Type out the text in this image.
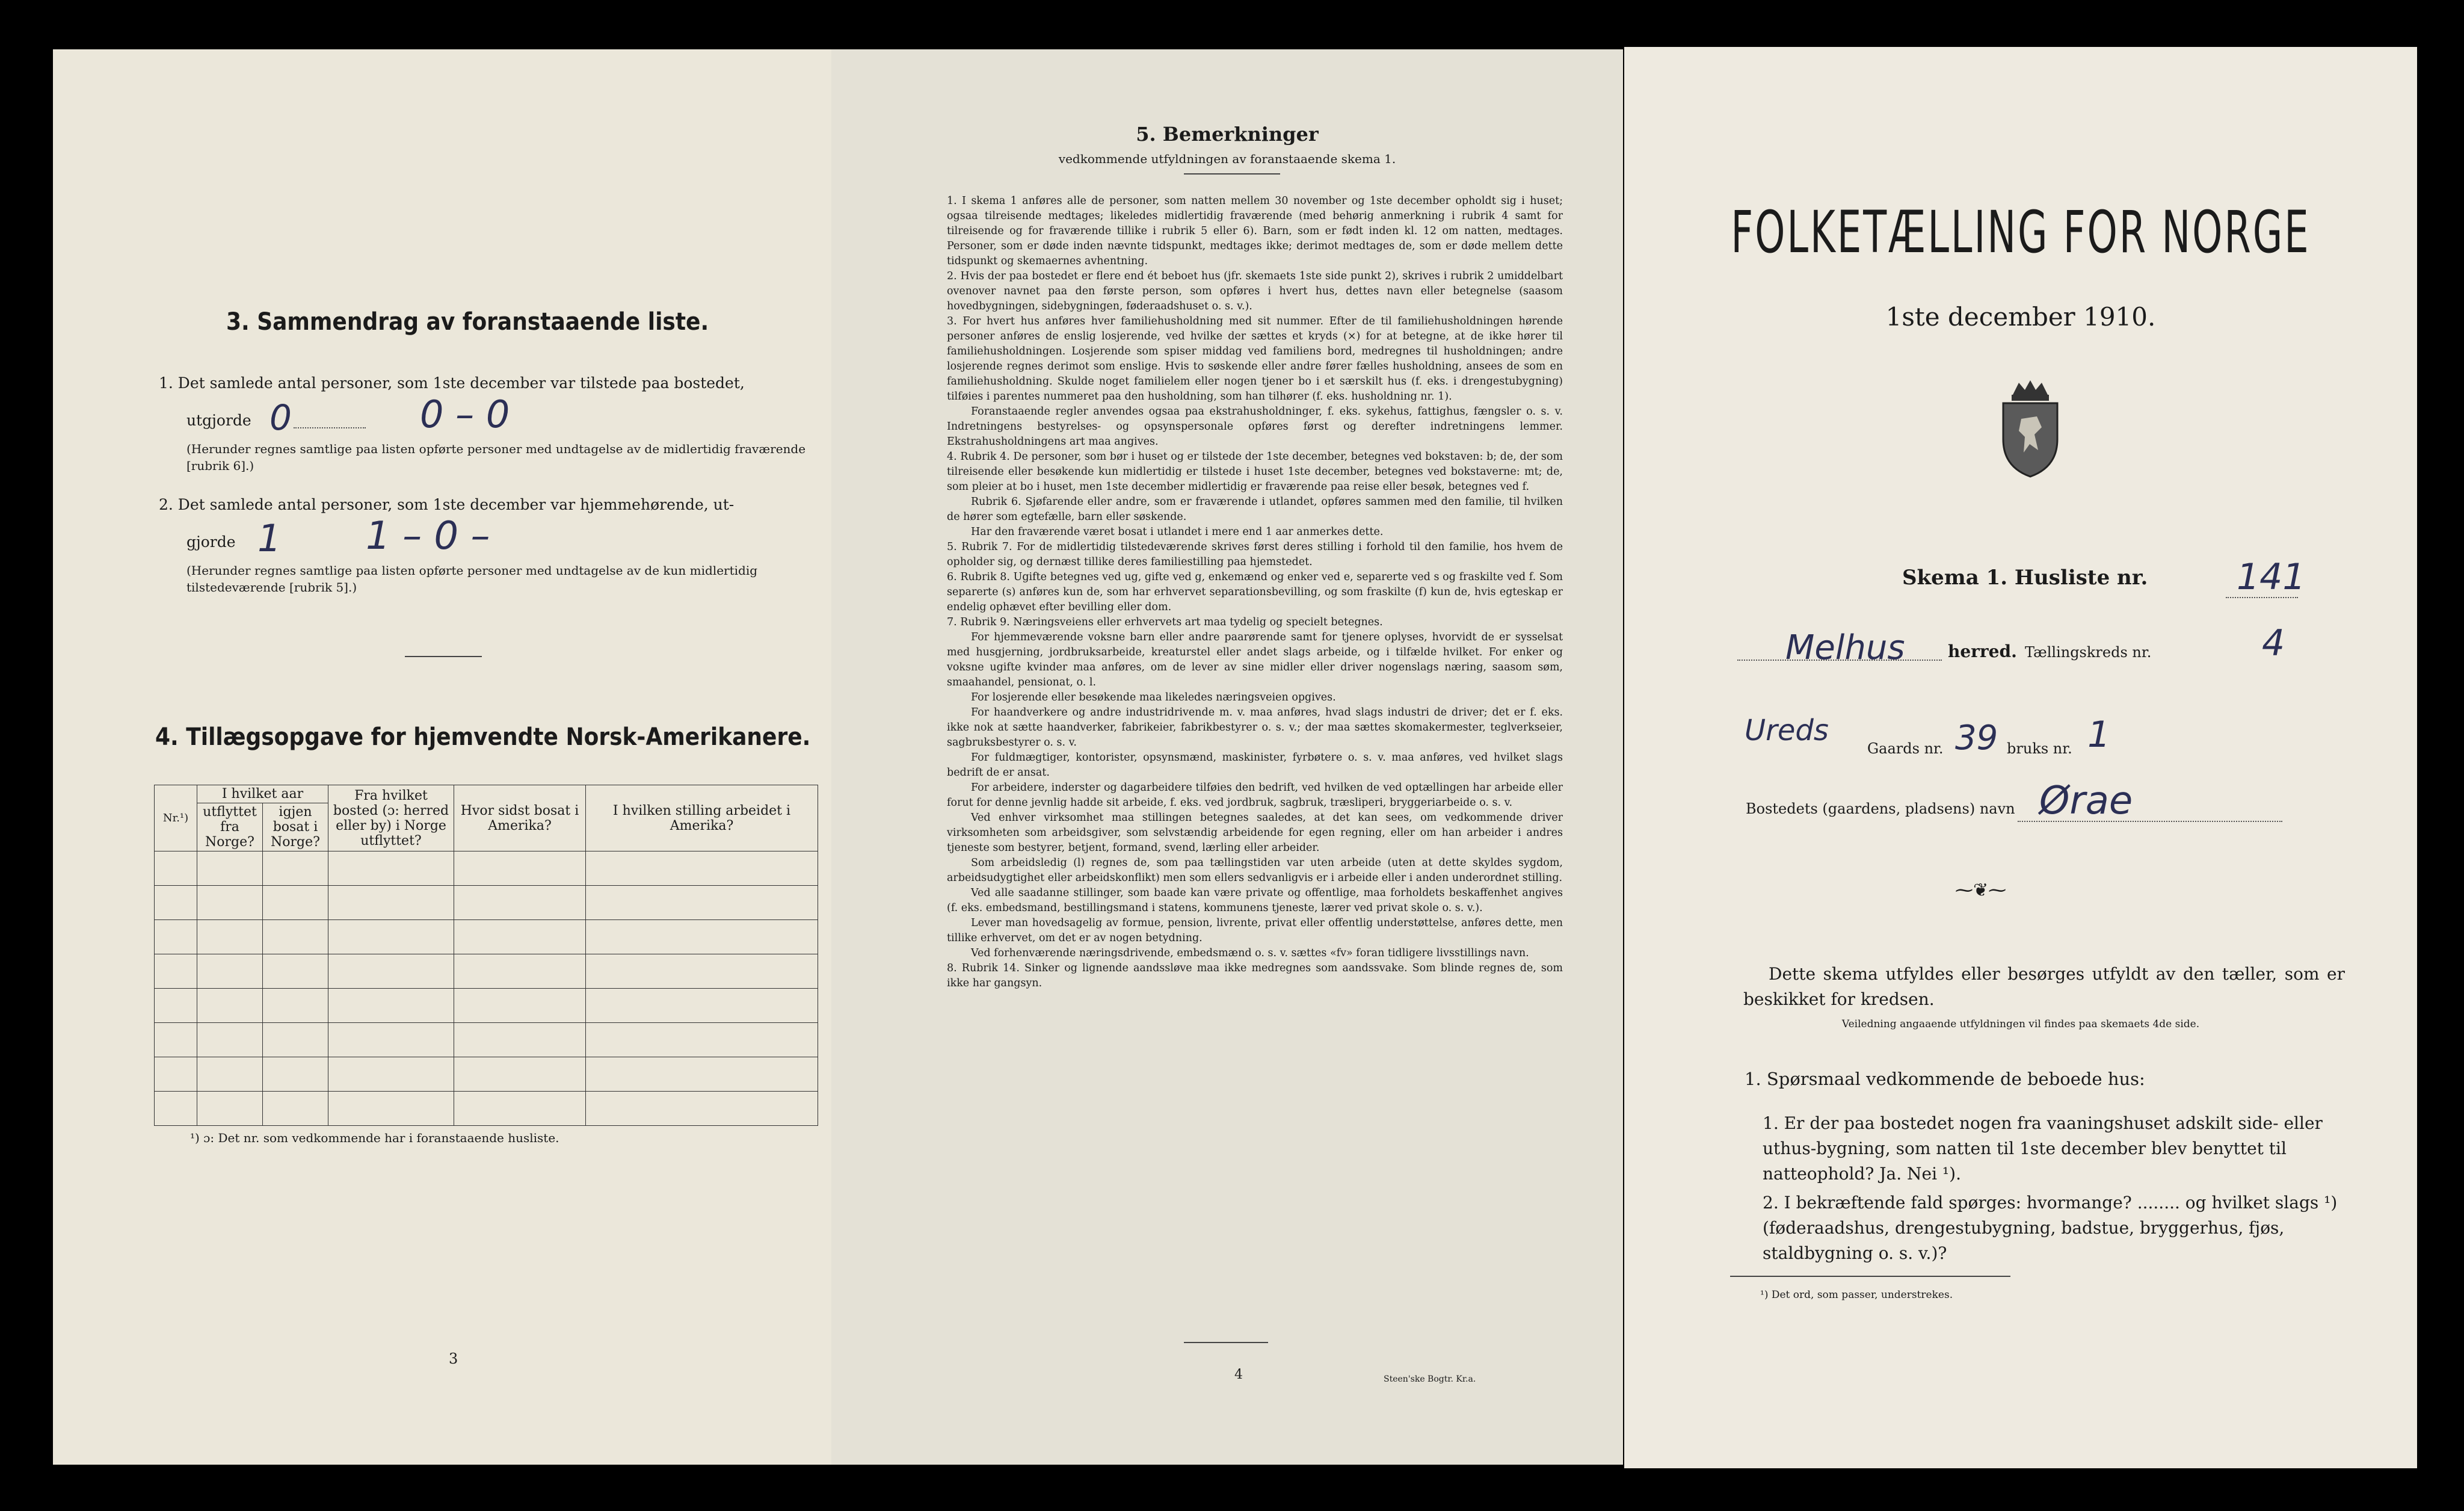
3. Sammendrag av foranstaaende liste.
1. Det samlede antal personer, som 1ste december var tilstede paa bostedet,
utgjorde 0	0 – 0
(Herunder regnes samtlige paa listen opførte personer med undtagelse av de midlertidig fraværende [rubrik 6].)
2. Det samlede antal personer, som 1ste december var hjemmehørende, ut-
gjorde 1 1 – 0 –
(Herunder regnes samtlige paa listen opførte personer med undtagelse av de kun midlertidig tilstedeværende [rubrik 5].)
4. Tillægsopgave for hjemvendte Norsk-Amerikanere.
Nr.¹)	I hvilket aar		Fra hvilket bosted (ɔ: herred eller by) i Norge utflyttet?	Hvor sidst bosat i Amerika?	I hvilken stilling arbeidet i Amerika?
	utflyttet fra Norge?	igjen bosat i Norge?			

¹) ɔ: Det nr. som vedkommende har i foranstaaende husliste.
3
5. Bemerkninger
vedkommende utfyldningen av foranstaaende skema 1.

1. I skema 1 anføres alle de personer, som natten mellem 30 november og 1ste december opholdt sig i huset; ogsaa tilreisende medtages; likeledes midlertidig fraværende (med behørig anmerkning i rubrik 4 samt for tilreisende og for fraværende tillike i rubrik 5 eller 6). Barn, som er født inden kl. 12 om natten, medtages. Personer, som er døde inden nævnte tidspunkt, medtages ikke; derimot medtages de, som er døde mellem dette tidspunkt og skemaernes avhentning.

2. Hvis der paa bostedet er flere end ét beboet hus (jfr. skemaets 1ste side punkt 2), skrives i rubrik 2 umiddelbart ovenover navnet paa den første person, som opføres i hvert hus, dettes navn eller betegnelse (saasom hovedbygningen, sidebygningen, føderaadshuset o. s. v.).

3. For hvert hus anføres hver familiehusholdning med sit nummer. Efter de til familiehusholdningen hørende personer anføres de enslig losjerende, ved hvilke der sættes et kryds (×) for at betegne, at de ikke hører til familiehusholdningen. Losjerende som spiser middag ved familiens bord, medregnes til husholdningen; andre losjerende regnes derimot som enslige. Hvis to søskende eller andre fører fælles husholdning, ansees de som en familiehusholdning. Skulde noget familielem eller nogen tjener bo i et særskilt hus (f. eks. i drengestubygning) tilføies i parentes nummeret paa den husholdning, som han tilhører (f. eks. husholdning nr. 1).

Foranstaaende regler anvendes ogsaa paa ekstrahusholdninger, f. eks. sykehus, fattighus, fængsler o. s. v. Indretningens bestyrelses- og opsynspersonale opføres først og derefter indretningens lemmer. Ekstrahusholdningens art maa angives.

4. Rubrik 4. De personer, som bør i huset og er tilstede der 1ste december, betegnes ved bokstaven: b; de, der som tilreisende eller besøkende kun midlertidig er tilstede i huset 1ste december, betegnes ved bokstaverne: mt; de, som pleier at bo i huset, men 1ste december midlertidig er fraværende paa reise eller besøk, betegnes ved f.

Rubrik 6. Sjøfarende eller andre, som er fraværende i utlandet, opføres sammen med den familie, til hvilken de hører som egtefælle, barn eller søskende.

Har den fraværende været bosat i utlandet i mere end 1 aar anmerkes dette.

5. Rubrik 7. For de midlertidig tilstedeværende skrives først deres stilling i forhold til den familie, hos hvem de opholder sig, og dernæst tillike deres familiestilling paa hjemstedet.

6. Rubrik 8. Ugifte betegnes ved ug, gifte ved g, enkemænd og enker ved e, separerte ved s og fraskilte ved f. Som separerte (s) anføres kun de, som har erhvervet separationsbevilling, og som fraskilte (f) kun de, hvis egteskap er endelig ophævet efter bevilling eller dom.

7. Rubrik 9. Næringsveiens eller erhvervets art maa tydelig og specielt betegnes.

For hjemmeværende voksne barn eller andre paarørende samt for tjenere oplyses, hvorvidt de er sysselsat med husgjerning, jordbruksarbeide, kreaturstel eller andet slags arbeide, og i tilfælde hvilket. For enker og voksne ugifte kvinder maa anføres, om de lever av sine midler eller driver nogenslags næring, saasom søm, smaahandel, pensionat, o. l.

For losjerende eller besøkende maa likeledes næringsveien opgives.

For haandverkere og andre industridrivende m. v. maa anføres, hvad slags industri de driver; det er f. eks. ikke nok at sætte haandverker, fabrikeier, fabrikbestyrer o. s. v.; der maa sættes skomakermester, teglverkseier, sagbruksbestyrer o. s. v.

For fuldmægtiger, kontorister, opsynsmænd, maskinister, fyrbøtere o. s. v. maa anføres, ved hvilket slags bedrift de er ansat.

For arbeidere, inderster og dagarbeidere tilføies den bedrift, ved hvilken de ved optællingen har arbeide eller forut for denne jevnlig hadde sit arbeide, f. eks. ved jordbruk, sagbruk, træsliperi, bryggeriarbeide o. s. v.

Ved enhver virksomhet maa stillingen betegnes saaledes, at det kan sees, om vedkommende driver virksomheten som arbeidsgiver, som selvstændig arbeidende for egen regning, eller om han arbeider i andres tjeneste som bestyrer, betjent, formand, svend, lærling eller arbeider.

Som arbeidsledig (l) regnes de, som paa tællingstiden var uten arbeide (uten at dette skyldes sygdom, arbeidsudygtighet eller arbeidskonflikt) men som ellers sedvanligvis er i arbeide eller i anden underordnet stilling.

Ved alle saadanne stillinger, som baade kan være private og offentlige, maa forholdets beskaffenhet angives (f. eks. embedsmand, bestillingsmand i statens, kommunens tjeneste, lærer ved privat skole o. s. v.).

Lever man hovedsagelig av formue, pension, livrente, privat eller offentlig understøttelse, anføres dette, men tillike erhvervet, om det er av nogen betydning.

Ved forhenværende næringsdrivende, embedsmænd o. s. v. sættes «fv» foran tidligere livsstillings navn.

8. Rubrik 14. Sinker og lignende aandssløve maa ikke medregnes som aandssvake. Som blinde regnes de, som ikke har gangsyn.

4	Steen'ske Bogtr. Kr.a.
FOLKETÆLLING FOR NORGE
1ste december 1910.
Skema 1. Husliste nr. 141
Melhus	herred. Tællingskreds nr.	4
Ureds
Gaards nr. 39 bruks nr. 1
Bostedets (gaardens, pladsens) navn Ørae
⁓❦⁓
Dette skema utfyldes eller besørges utfyldt av den tæller, som er beskikket for kredsen.
Veiledning angaaende utfyldningen vil findes paa skemaets 4de side.
1. Spørsmaal vedkommende de beboede hus:
1. Er der paa bostedet nogen fra vaaningshuset adskilt side- eller uthus-bygning, som natten til 1ste december blev benyttet til natteophold? Ja. Nei ¹).
2. I bekræftende fald spørges: hvormange? ........ og hvilket slags ¹) (føderaadshus, drengestubygning, badstue, bryggerhus, fjøs, staldbygning o. s. v.)?
¹) Det ord, som passer, understrekes.
